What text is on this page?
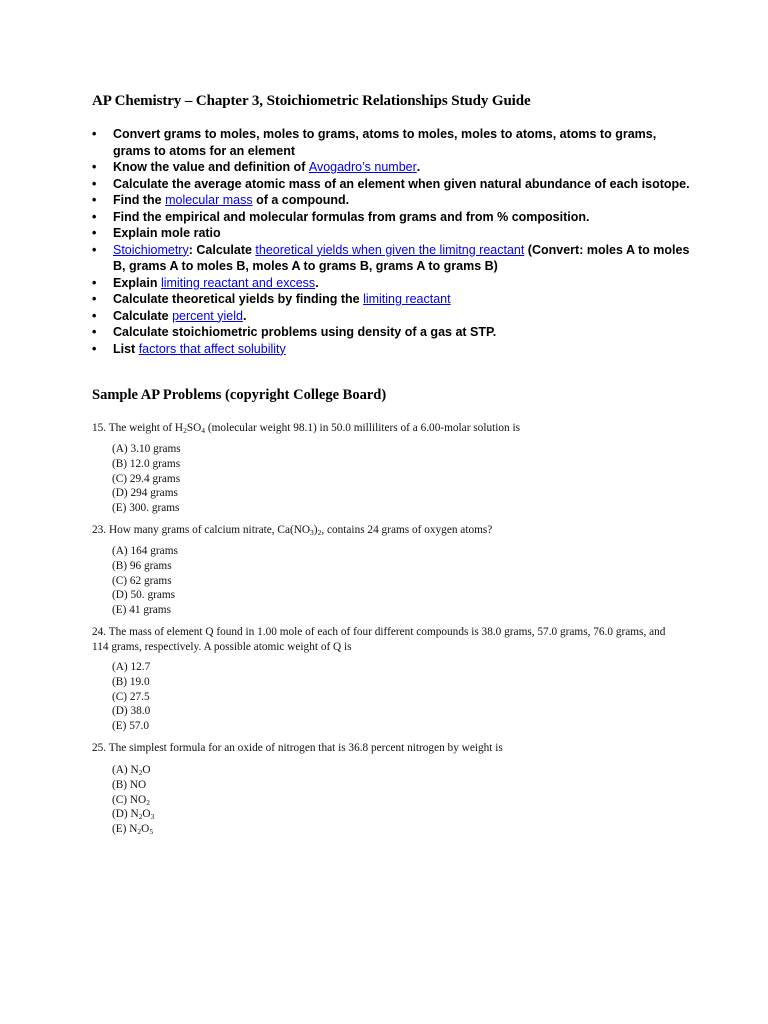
AP Chemistry – Chapter 3, Stoichiometric Relationships Study Guide
• Convert grams to moles, moles to grams, atoms to moles, moles to atoms, atoms to grams, grams to atoms for an element
• Know the value and definition of Avogadro’s number.
• Calculate the average atomic mass of an element when given natural abundance of each isotope.
• Find the molecular mass of a compound.
• Find the empirical and molecular formulas from grams and from % composition.
• Explain mole ratio
• Stoichiometry: Calculate theoretical yields when given the limitng reactant (Convert: moles A to moles B, grams A to moles B, moles A to grams B, grams A to grams B)
• Explain limiting reactant and excess.
• Calculate theoretical yields by finding the limiting reactant
• Calculate percent yield.
• Calculate stoichiometric problems using density of a gas at STP.
• List factors that affect solubility
Sample AP Problems (copyright College Board)
15. The weight of $H_2SO_4$ (molecular weight 98.1) in 50.0 milliliters of a 6.00-molar solution is
(A) 3.10 grams
(B) 12.0 grams
(C) 29.4 grams
(D) 294 grams
(E) 300. grams
23. How many grams of calcium nitrate, $Ca(NO_3)_2$, contains 24 grams of oxygen atoms?
(A) 164 grams
(B) 96 grams
(C) 62 grams
(D) 50. grams
(E) 41 grams
24. The mass of element Q found in 1.00 mole of each of four different compounds is 38.0 grams, 57.0 grams, 76.0 grams, and 114 grams, respectively. A possible atomic weight of Q is
(A) 12.7
(B) 19.0
(C) 27.5
(D) 38.0
(E) 57.0
25. The simplest formula for an oxide of nitrogen that is 36.8 percent nitrogen by weight is
(A) $N_2O$
(B) NO
(C) $NO_2$
(D) $N_2O_3$
(E) $N_2O_5$
